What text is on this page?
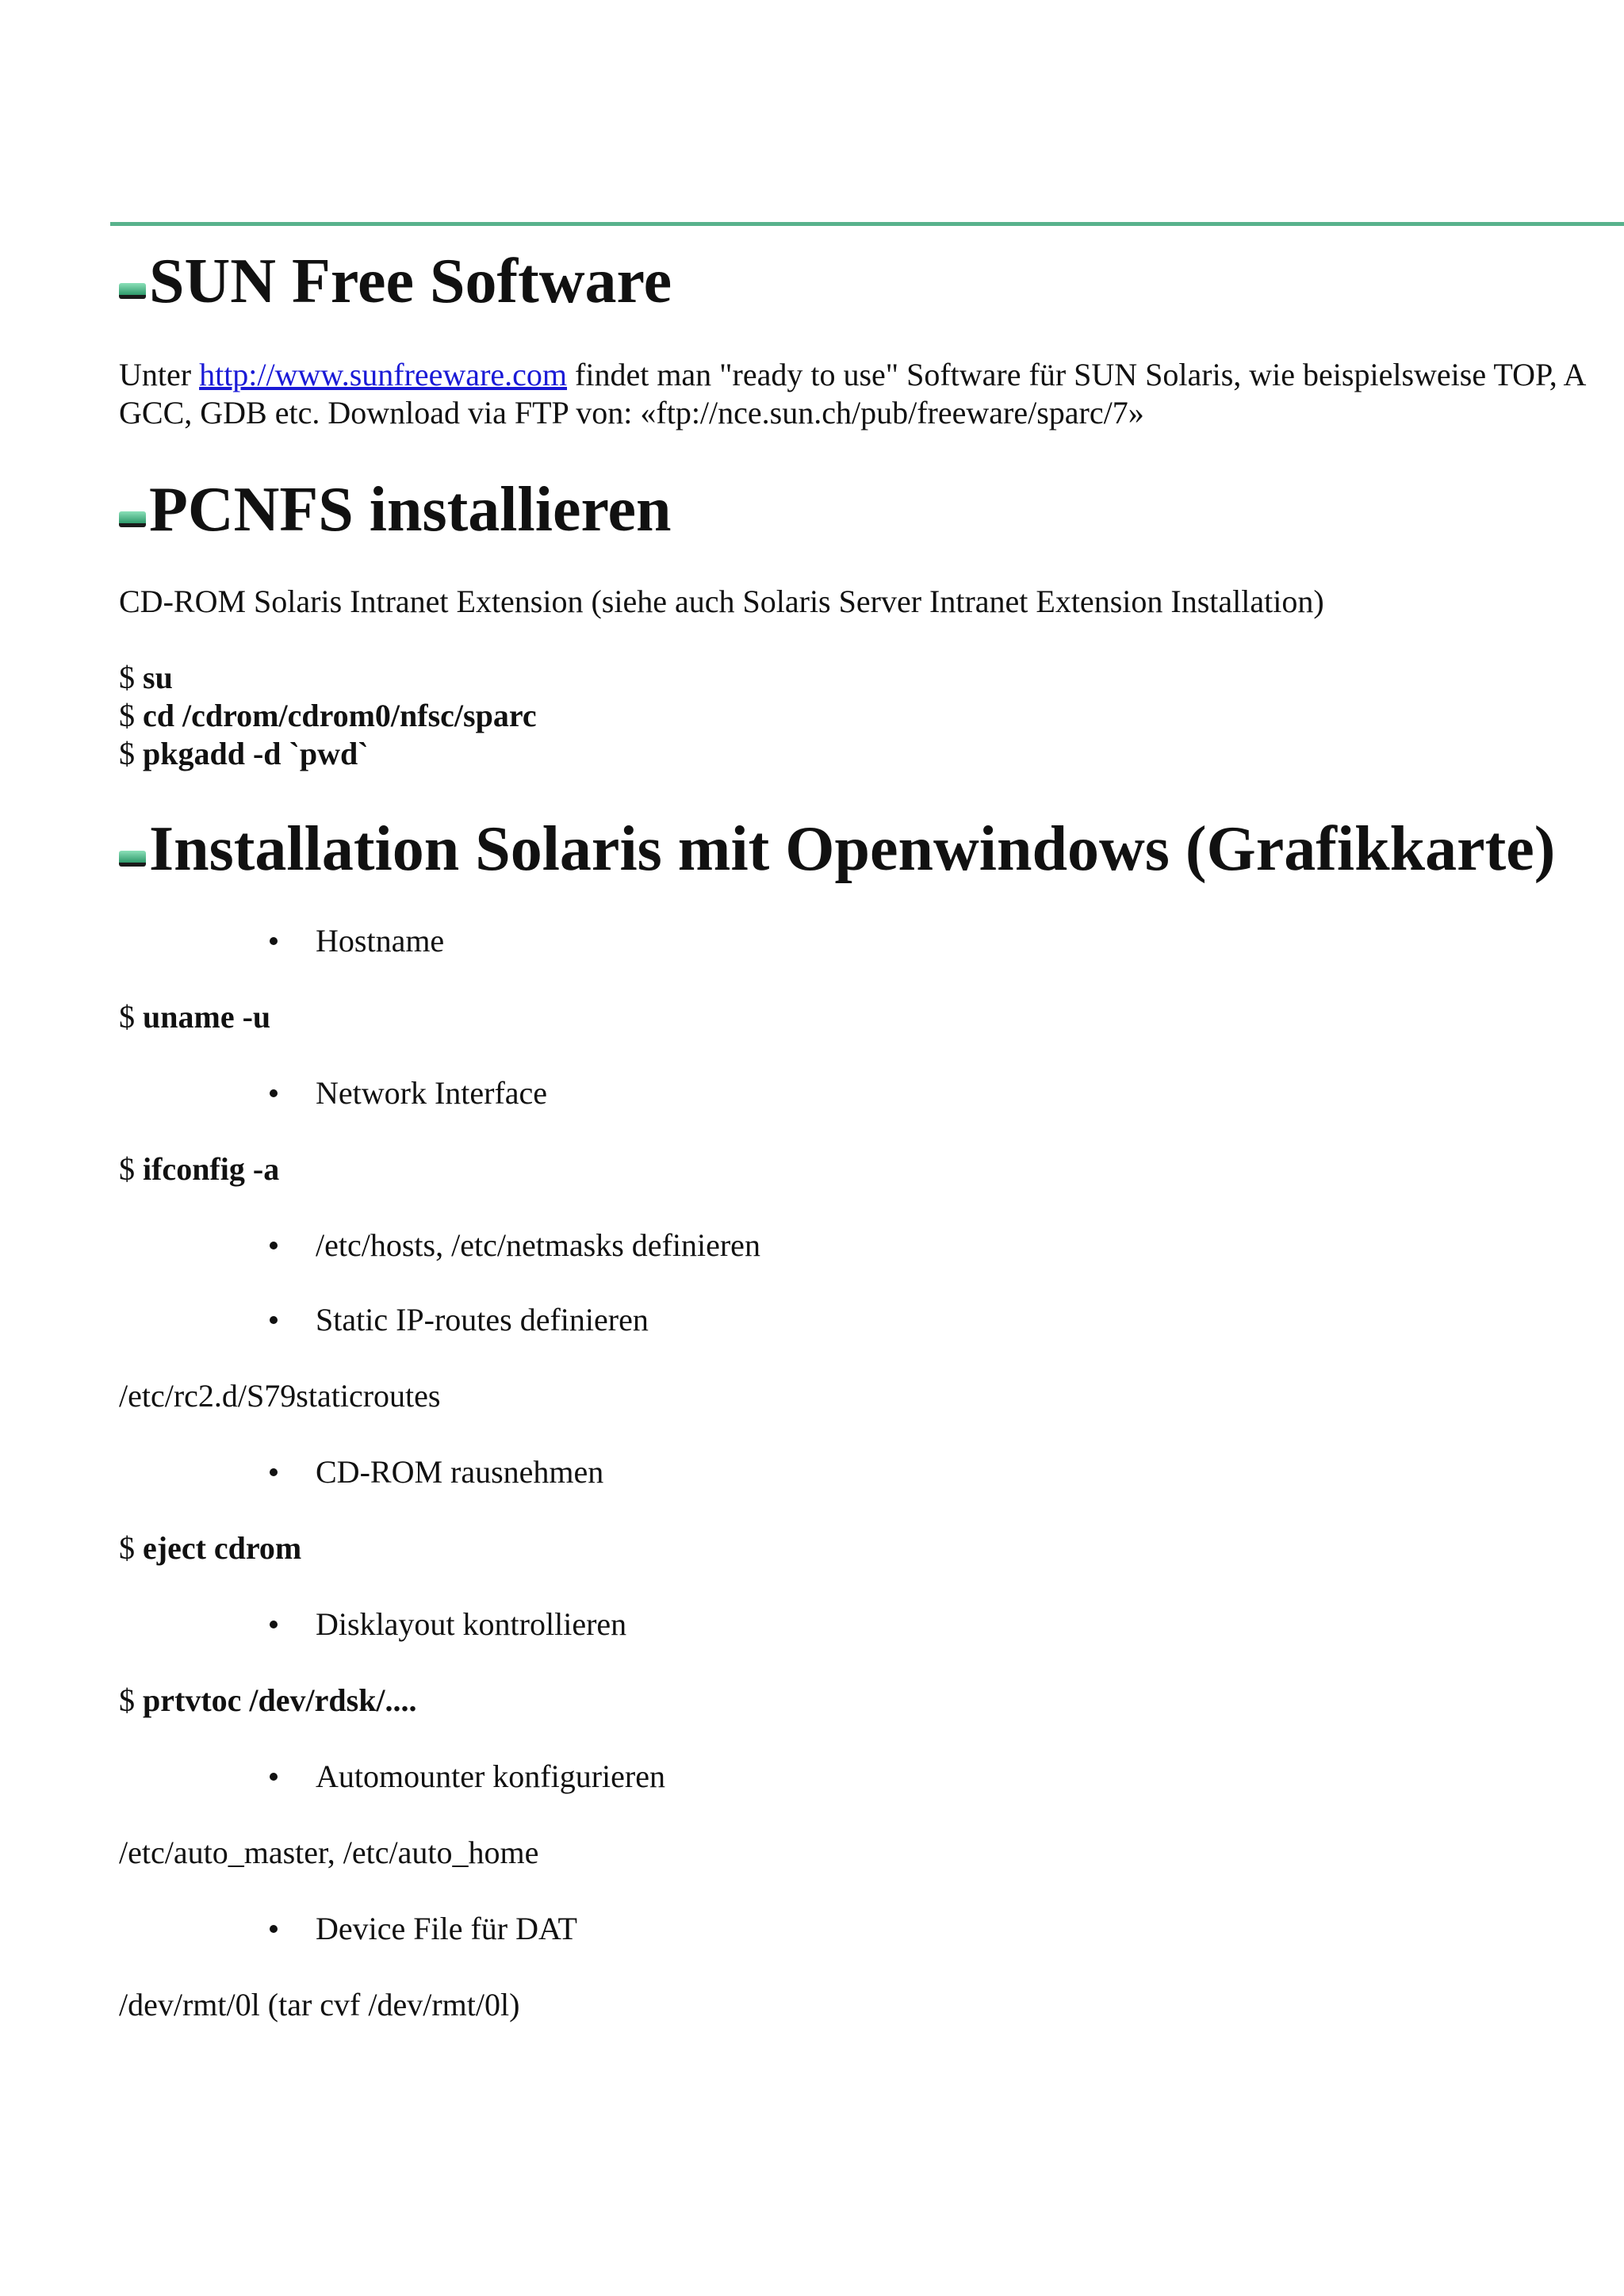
SUN Free Software
Unter http://www.sunfreeware.com findet man "ready to use" Software für SUN Solaris, wie beispielsweise TOP, A
GCC, GDB etc. Download via FTP von: «ftp://nce.sun.ch/pub/freeware/sparc/7»
PCNFS installieren
CD-ROM Solaris Intranet Extension (siehe auch Solaris Server Intranet Extension Installation)
$ su
$ cd /cdrom/cdrom0/nfsc/sparc
$ pkgadd -d `pwd`
Installation Solaris mit Openwindows (Grafikkarte)
Hostname
$ uname -u
Network Interface
$ ifconfig -a
/etc/hosts, /etc/netmasks definieren
Static IP-routes definieren
/etc/rc2.d/S79staticroutes
CD-ROM rausnehmen
$ eject cdrom
Disklayout kontrollieren
$ prtvtoc /dev/rdsk/....
Automounter konfigurieren
/etc/auto_master, /etc/auto_home
Device File für DAT
/dev/rmt/0l (tar cvf /dev/rmt/0l)
